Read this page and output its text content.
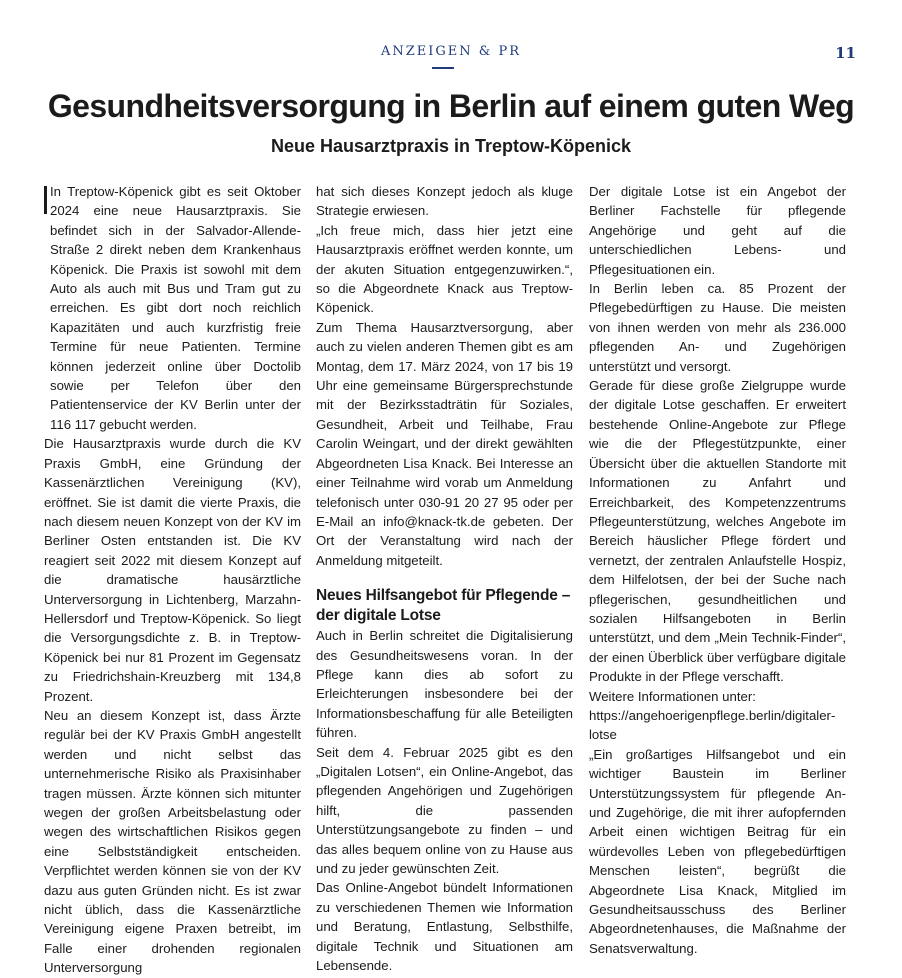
ANZEIGEN & PR	11
Gesundheitsversorgung in Berlin auf einem guten Weg
Neue Hausarztpraxis in Treptow-Köpenick

In Treptow-Köpenick gibt es seit Oktober 2024 eine neue Hausarztpraxis. Sie befindet sich in der Salvador-Allende-Straße 2 direkt neben dem Krankenhaus Köpenick. Die Praxis ist sowohl mit dem Auto als auch mit Bus und Tram gut zu erreichen. Es gibt dort noch reichlich Kapazitäten und auch kurzfristig freie Termine für neue Patienten. Termine können jederzeit online über Doctolib sowie per Telefon über den Patientenservice der KV Berlin unter der 116 117 gebucht werden.

Die Hausarztpraxis wurde durch die KV Praxis GmbH, eine Gründung der Kassenärztlichen Vereinigung (KV), eröffnet. Sie ist damit die vierte Praxis, die nach diesem neuen Konzept von der KV im Berliner Osten entstanden ist. Die KV reagiert seit 2022 mit diesem Konzept auf die dramatische hausärztliche Unterversorgung in Lichtenberg, Marzahn-Hellersdorf und Treptow-Köpenick. So liegt die Versorgungsdichte z. B. in Treptow-Köpenick bei nur 81 Prozent im Gegensatz zu Friedrichshain-Kreuzberg mit 134,8 Prozent.

Neu an diesem Konzept ist, dass Ärzte regulär bei der KV Praxis GmbH angestellt werden und nicht selbst das unternehmerische Risiko als Praxisinhaber tragen müssen. Ärzte können sich mitunter wegen der großen Arbeitsbelastung oder wegen des wirtschaftlichen Risikos gegen eine Selbstständigkeit entscheiden. Verpflichtet werden können sie von der KV dazu aus guten Gründen nicht. Es ist zwar nicht üblich, dass die Kassenärztliche Vereinigung eigene Praxen betreibt, im Falle einer drohenden regionalen Unterversorgung

hat sich dieses Konzept jedoch als kluge Strategie erwiesen.

„Ich freue mich, dass hier jetzt eine Hausarztpraxis eröffnet werden konnte, um der akuten Situation entgegenzuwirken.“, so die Abgeordnete Knack aus Treptow-Köpenick.

Zum Thema Hausarztversorgung, aber auch zu vielen anderen Themen gibt es am Montag, dem 17. März 2024, von 17 bis 19 Uhr eine gemeinsame Bürgersprechstunde mit der Bezirksstadträtin für Soziales, Gesundheit, Arbeit und Teilhabe, Frau Carolin Weingart, und der direkt gewählten Abgeordneten Lisa Knack. Bei Interesse an einer Teilnahme wird vorab um Anmeldung telefonisch unter 030-91 20 27 95 oder per E-Mail an info@knack-tk.de gebeten. Der Ort der Veranstaltung wird nach der Anmeldung mitgeteilt.

Neues Hilfsangebot für Pflegende – der digitale Lotse

Auch in Berlin schreitet die Digitalisierung des Gesundheitswesens voran. In der Pflege kann dies ab sofort zu Erleichterungen insbesondere bei der Informationsbeschaffung für alle Beteiligten führen.

Seit dem 4. Februar 2025 gibt es den „Digitalen Lotsen“, ein Online-Angebot, das pflegenden Angehörigen und Zugehörigen hilft, die passenden Unterstützungsangebote zu finden – und das alles bequem online von zu Hause aus und zu jeder gewünschten Zeit.

Das Online-Angebot bündelt Informationen zu verschiedenen Themen wie Information und Beratung, Entlastung, Selbsthilfe, digitale Technik und Situationen am Lebensende.

Der digitale Lotse ist ein Angebot der Berliner Fachstelle für pflegende Angehörige und geht auf die unterschiedlichen Lebens- und Pflegesituationen ein.

In Berlin leben ca. 85 Prozent der Pflegebedürftigen zu Hause. Die meisten von ihnen werden von mehr als 236.000 pflegenden An- und Zugehörigen unterstützt und versorgt.

Gerade für diese große Zielgruppe wurde der digitale Lotse geschaffen. Er erweitert bestehende Online-Angebote zur Pflege wie die der Pflegestützpunkte, einer Übersicht über die aktuellen Standorte mit Informationen zu Anfahrt und Erreichbarkeit, des Kompetenzzentrums Pflegeunterstützung, welches Angebote im Bereich häuslicher Pflege fördert und vernetzt, der zentralen Anlaufstelle Hospiz, dem Hilfelotsen, der bei der Suche nach pflegerischen, gesundheitlichen und sozialen Hilfsangeboten in Berlin unterstützt, und dem „Mein Technik-Finder“, der einen Überblick über verfügbare digitale Produkte in der Pflege verschafft.

Weitere Informationen unter:

https://angehoerigenpflege.berlin/digitaler-lotse

„Ein großartiges Hilfsangebot und ein wichtiger Baustein im Berliner Unterstützungssystem für pflegende An- und Zugehörige, die mit ihrer aufopfernden Arbeit einen wichtigen Beitrag für ein würdevolles Leben von pflegebedürftigen Menschen leisten“, begrüßt die Abgeordnete Lisa Knack, Mitglied im Gesundheitsausschuss des Berliner Abgeordnetenhauses, die Maßnahme der Senatsverwaltung.
